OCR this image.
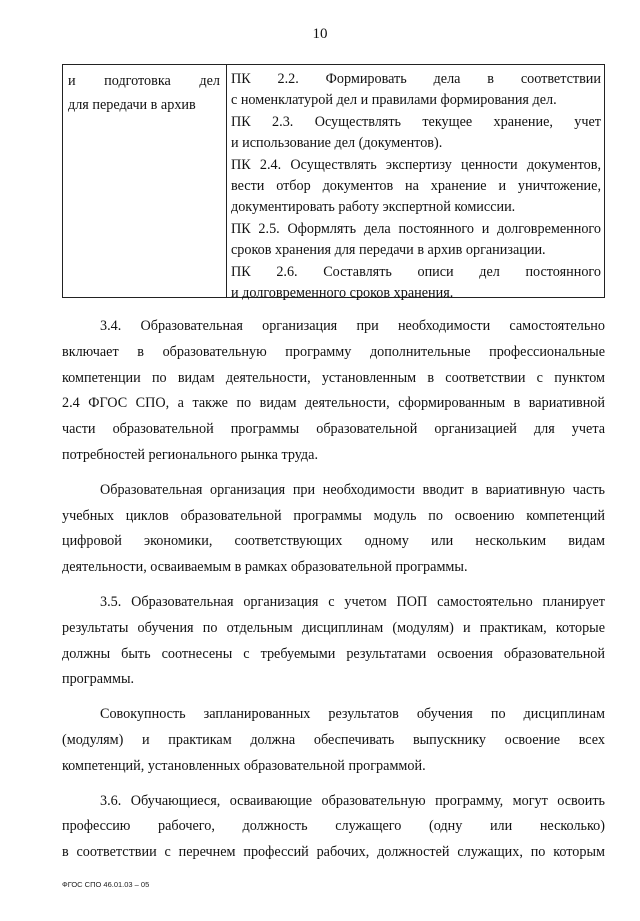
10
и подготовка дел
для передачи в архив
ПК 2.2. Формировать дела в соответствии
с номенклатурой дел и правилами формирования дел.
ПК 2.3. Осуществлять текущее хранение, учет
и использование дел (документов).
ПК 2.4. Осуществлять экспертизу ценности документов,
вести отбор документов на хранение и уничтожение,
документировать работу экспертной комиссии.
ПК 2.5. Оформлять дела постоянного и долговременного
сроков хранения для передачи в архив организации.
ПК 2.6. Составлять описи дел постоянного
и долговременного сроков хранения.

3.4. Образовательная организация при необходимости самостоятельно

включает в образовательную программу дополнительные профессиональные

компетенции по видам деятельности, установленным в соответствии с пунктом

2.4 ФГОС СПО, а также по видам деятельности, сформированным в вариативной

части образовательной программы образовательной организацией для учета

потребностей регионального рынка труда.

Образовательная организация при необходимости вводит в вариативную часть

учебных циклов образовательной программы модуль по освоению компетенций

цифровой экономики, соответствующих одному или нескольким видам

деятельности, осваиваемым в рамках образовательной программы.

3.5. Образовательная организация с учетом ПОП самостоятельно планирует

результаты обучения по отдельным дисциплинам (модулям) и практикам, которые

должны быть соотнесены с требуемыми результатами освоения образовательной

программы.

Совокупность запланированных результатов обучения по дисциплинам

(модулям) и практикам должна обеспечивать выпускнику освоение всех

компетенций, установленных образовательной программой.

3.6. Обучающиеся, осваивающие образовательную программу, могут освоить

профессию рабочего, должность служащего (одну или несколько)

в соответствии с перечнем профессий рабочих, должностей служащих, по которым

ФГОС СПО 46.01.03 – 05
